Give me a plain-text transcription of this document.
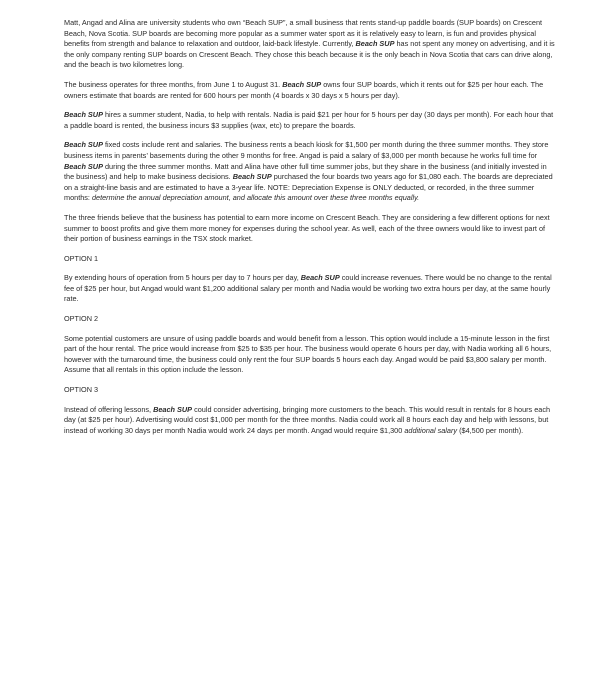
Matt, Angad and Alina are university students who own “Beach SUP”, a small business that rents stand-up paddle boards (SUP boards) on Crescent Beach, Nova Scotia. SUP boards are becoming more popular as a summer water sport as it is relatively easy to learn, is fun and provides physical benefits from strength and balance to relaxation and outdoor, laid-back lifestyle. Currently, Beach SUP has not spent any money on advertising, and it is the only company renting SUP boards on Crescent Beach. They chose this beach because it is the only beach in Nova Scotia that cars can drive along, and the beach is two kilometres long.

The business operates for three months, from June 1 to August 31. Beach SUP owns four SUP boards, which it rents out for $25 per hour each. The owners estimate that boards are rented for 600 hours per month (4 boards x 30 days x 5 hours per day).

Beach SUP hires a summer student, Nadia, to help with rentals. Nadia is paid $21 per hour for 5 hours per day (30 days per month). For each hour that a paddle board is rented, the business incurs $3 supplies (wax, etc) to prepare the boards.

Beach SUP fixed costs include rent and salaries. The business rents a beach kiosk for $1,500 per month during the three summer months. They store business items in parents’ basements during the other 9 months for free. Angad is paid a salary of $3,000 per month because he works full time for Beach SUP during the three summer months. Matt and Alina have other full time summer jobs, but they share in the business (and initially invested in the business) and help to make business decisions. Beach SUP purchased the four boards two years ago for $1,080 each. The boards are depreciated on a straight-line basis and are estimated to have a 3-year life. NOTE: Depreciation Expense is ONLY deducted, or recorded, in the three summer months: determine the annual depreciation amount, and allocate this amount over these three months equally.

The three friends believe that the business has potential to earn more income on Crescent Beach. They are considering a few different options for next summer to boost profits and give them more money for expenses during the school year. As well, each of the three owners would like to invest part of their portion of business earnings in the TSX stock market.

OPTION 1

By extending hours of operation from 5 hours per day to 7 hours per day, Beach SUP could increase revenues. There would be no change to the rental fee of $25 per hour, but Angad would want $1,200 additional salary per month and Nadia would be working two extra hours per day, at the same hourly rate.

OPTION 2

Some potential customers are unsure of using paddle boards and would benefit from a lesson. This option would include a 15-minute lesson in the first part of the hour rental. The price would increase from $25 to $35 per hour. The business would operate 6 hours per day, with Nadia working all 6 hours, however with the turnaround time, the business could only rent the four SUP boards 5 hours each day. Angad would be paid $3,800 salary per month. Assume that all rentals in this option include the lesson.

OPTION 3

Instead of offering lessons, Beach SUP could consider advertising, bringing more customers to the beach. This would result in rentals for 8 hours each day (at $25 per hour). Advertising would cost $1,000 per month for the three months. Nadia could work all 8 hours each day and help with lessons, but instead of working 30 days per month Nadia would work 24 days per month. Angad would require $1,300 additional salary ($4,500 per month).
